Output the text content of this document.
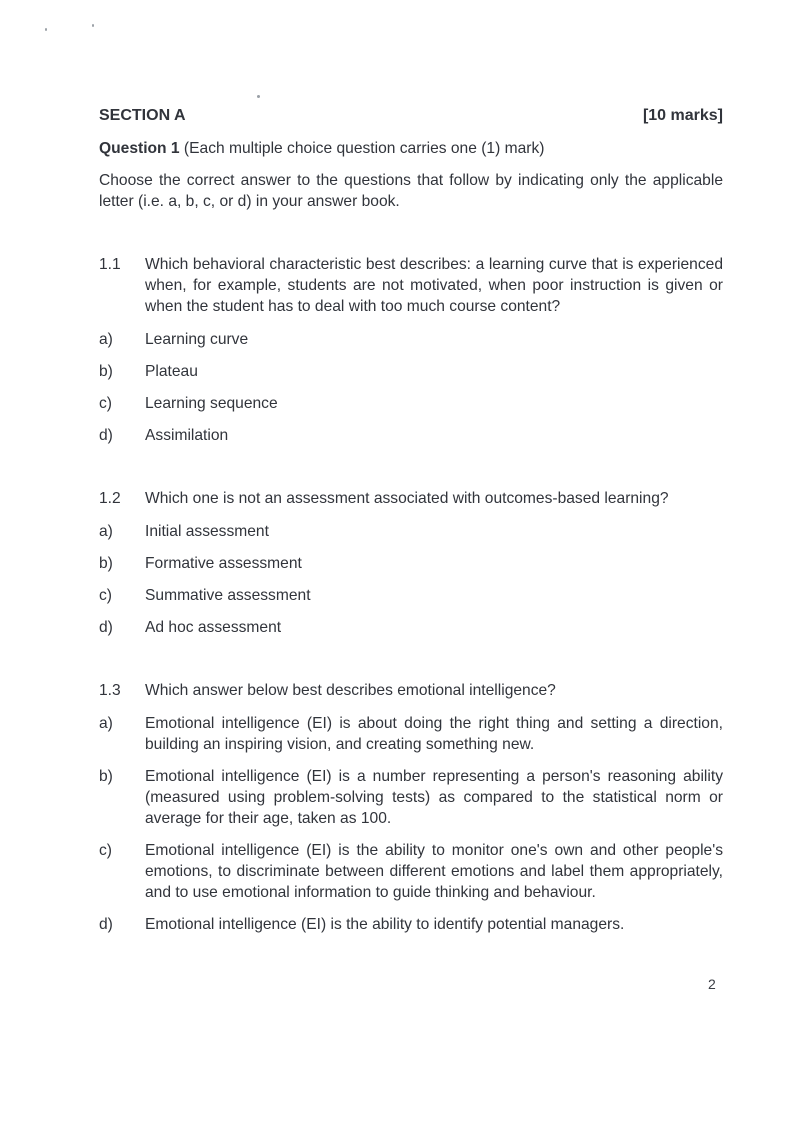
SECTION A	[10 marks]
Question 1 (Each multiple choice question carries one (1) mark)
Choose the correct answer to the questions that follow by indicating only the applicable letter (i.e. a, b, c, or d) in your answer book.
1.1	Which behavioral characteristic best describes: a learning curve that is experienced when, for example, students are not motivated, when poor instruction is given or when the student has to deal with too much course content?
a)	Learning curve
b)	Plateau
c)	Learning sequence
d)	Assimilation
1.2	Which one is not an assessment associated with outcomes-based learning?
a)	Initial assessment
b)	Formative assessment
c)	Summative assessment
d)	Ad hoc assessment
1.3	Which answer below best describes emotional intelligence?
a)	Emotional intelligence (EI) is about doing the right thing and setting a direction, building an inspiring vision, and creating something new.
b)	Emotional intelligence (EI) is a number representing a person's reasoning ability (measured using problem-solving tests) as compared to the statistical norm or average for their age, taken as 100.
c)	Emotional intelligence (EI) is the ability to monitor one's own and other people's emotions, to discriminate between different emotions and label them appropriately, and to use emotional information to guide thinking and behaviour.
d)	Emotional intelligence (EI) is the ability to identify potential managers.
2
